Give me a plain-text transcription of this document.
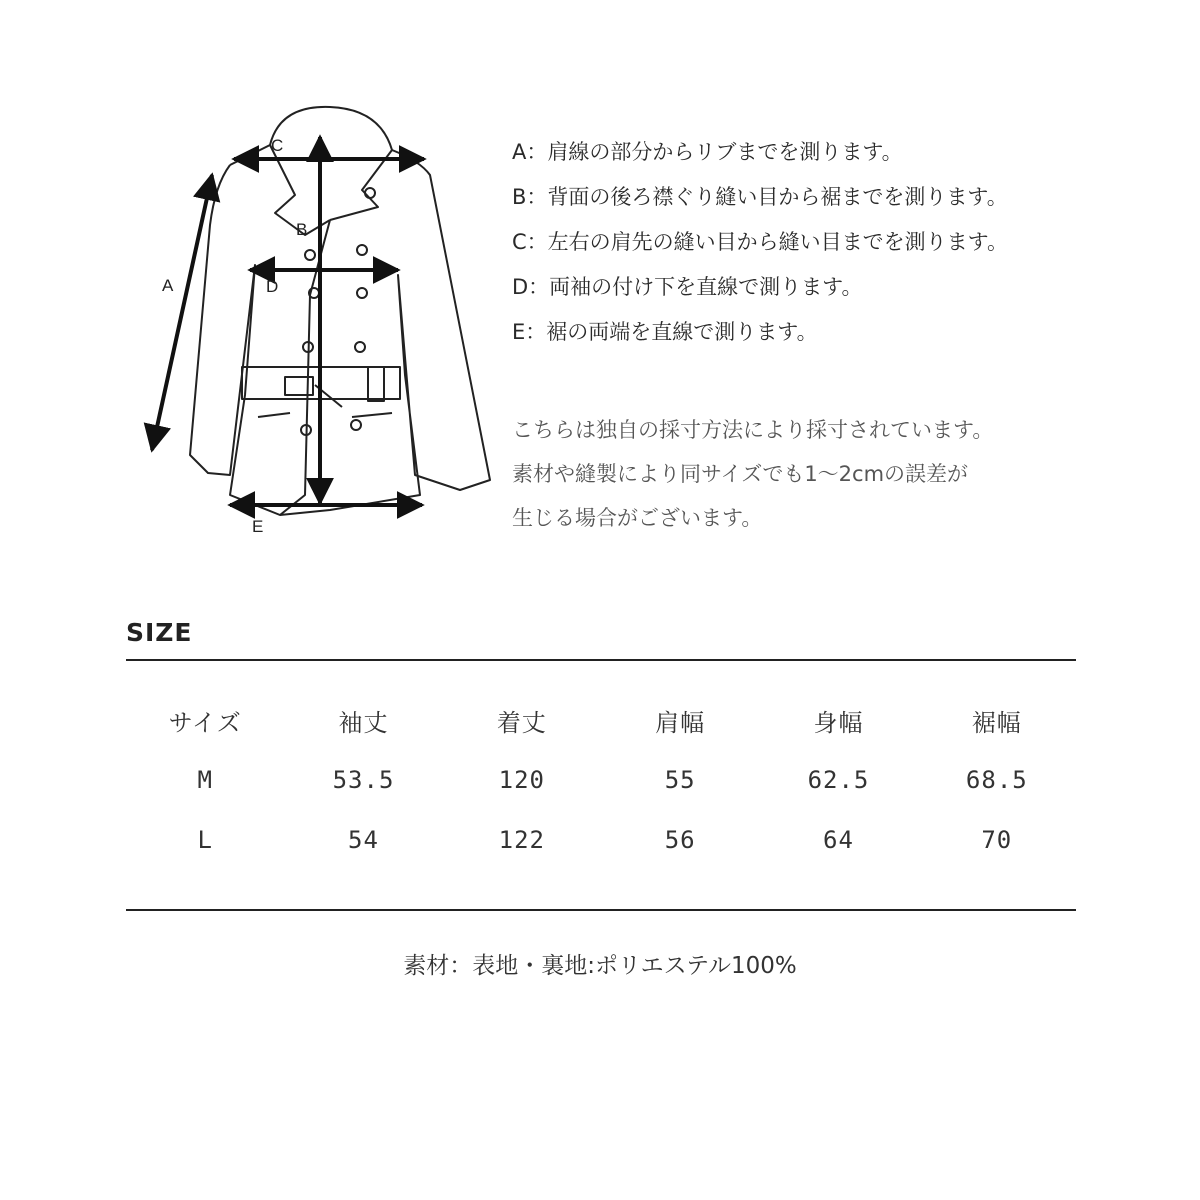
A
B
C
D
E
A：肩線の部分からリブまでを測ります。
B：背面の後ろ襟ぐり縫い目から裾までを測ります。
C：左右の肩先の縫い目から縫い目までを測ります。
D：両袖の付け下を直線で測ります。
E：裾の両端を直線で測ります。

こちらは独自の採寸方法により採寸されています。

素材や縫製により同サイズでも1〜2cmの誤差が

生じる場合がございます。

SIZE
サイズ	袖丈	着丈	肩幅	身幅	裾幅
M	53.5	120	55	62.5	68.5
L	54	122	56	64	70
素材：表地・裏地:ポリエステル100%
